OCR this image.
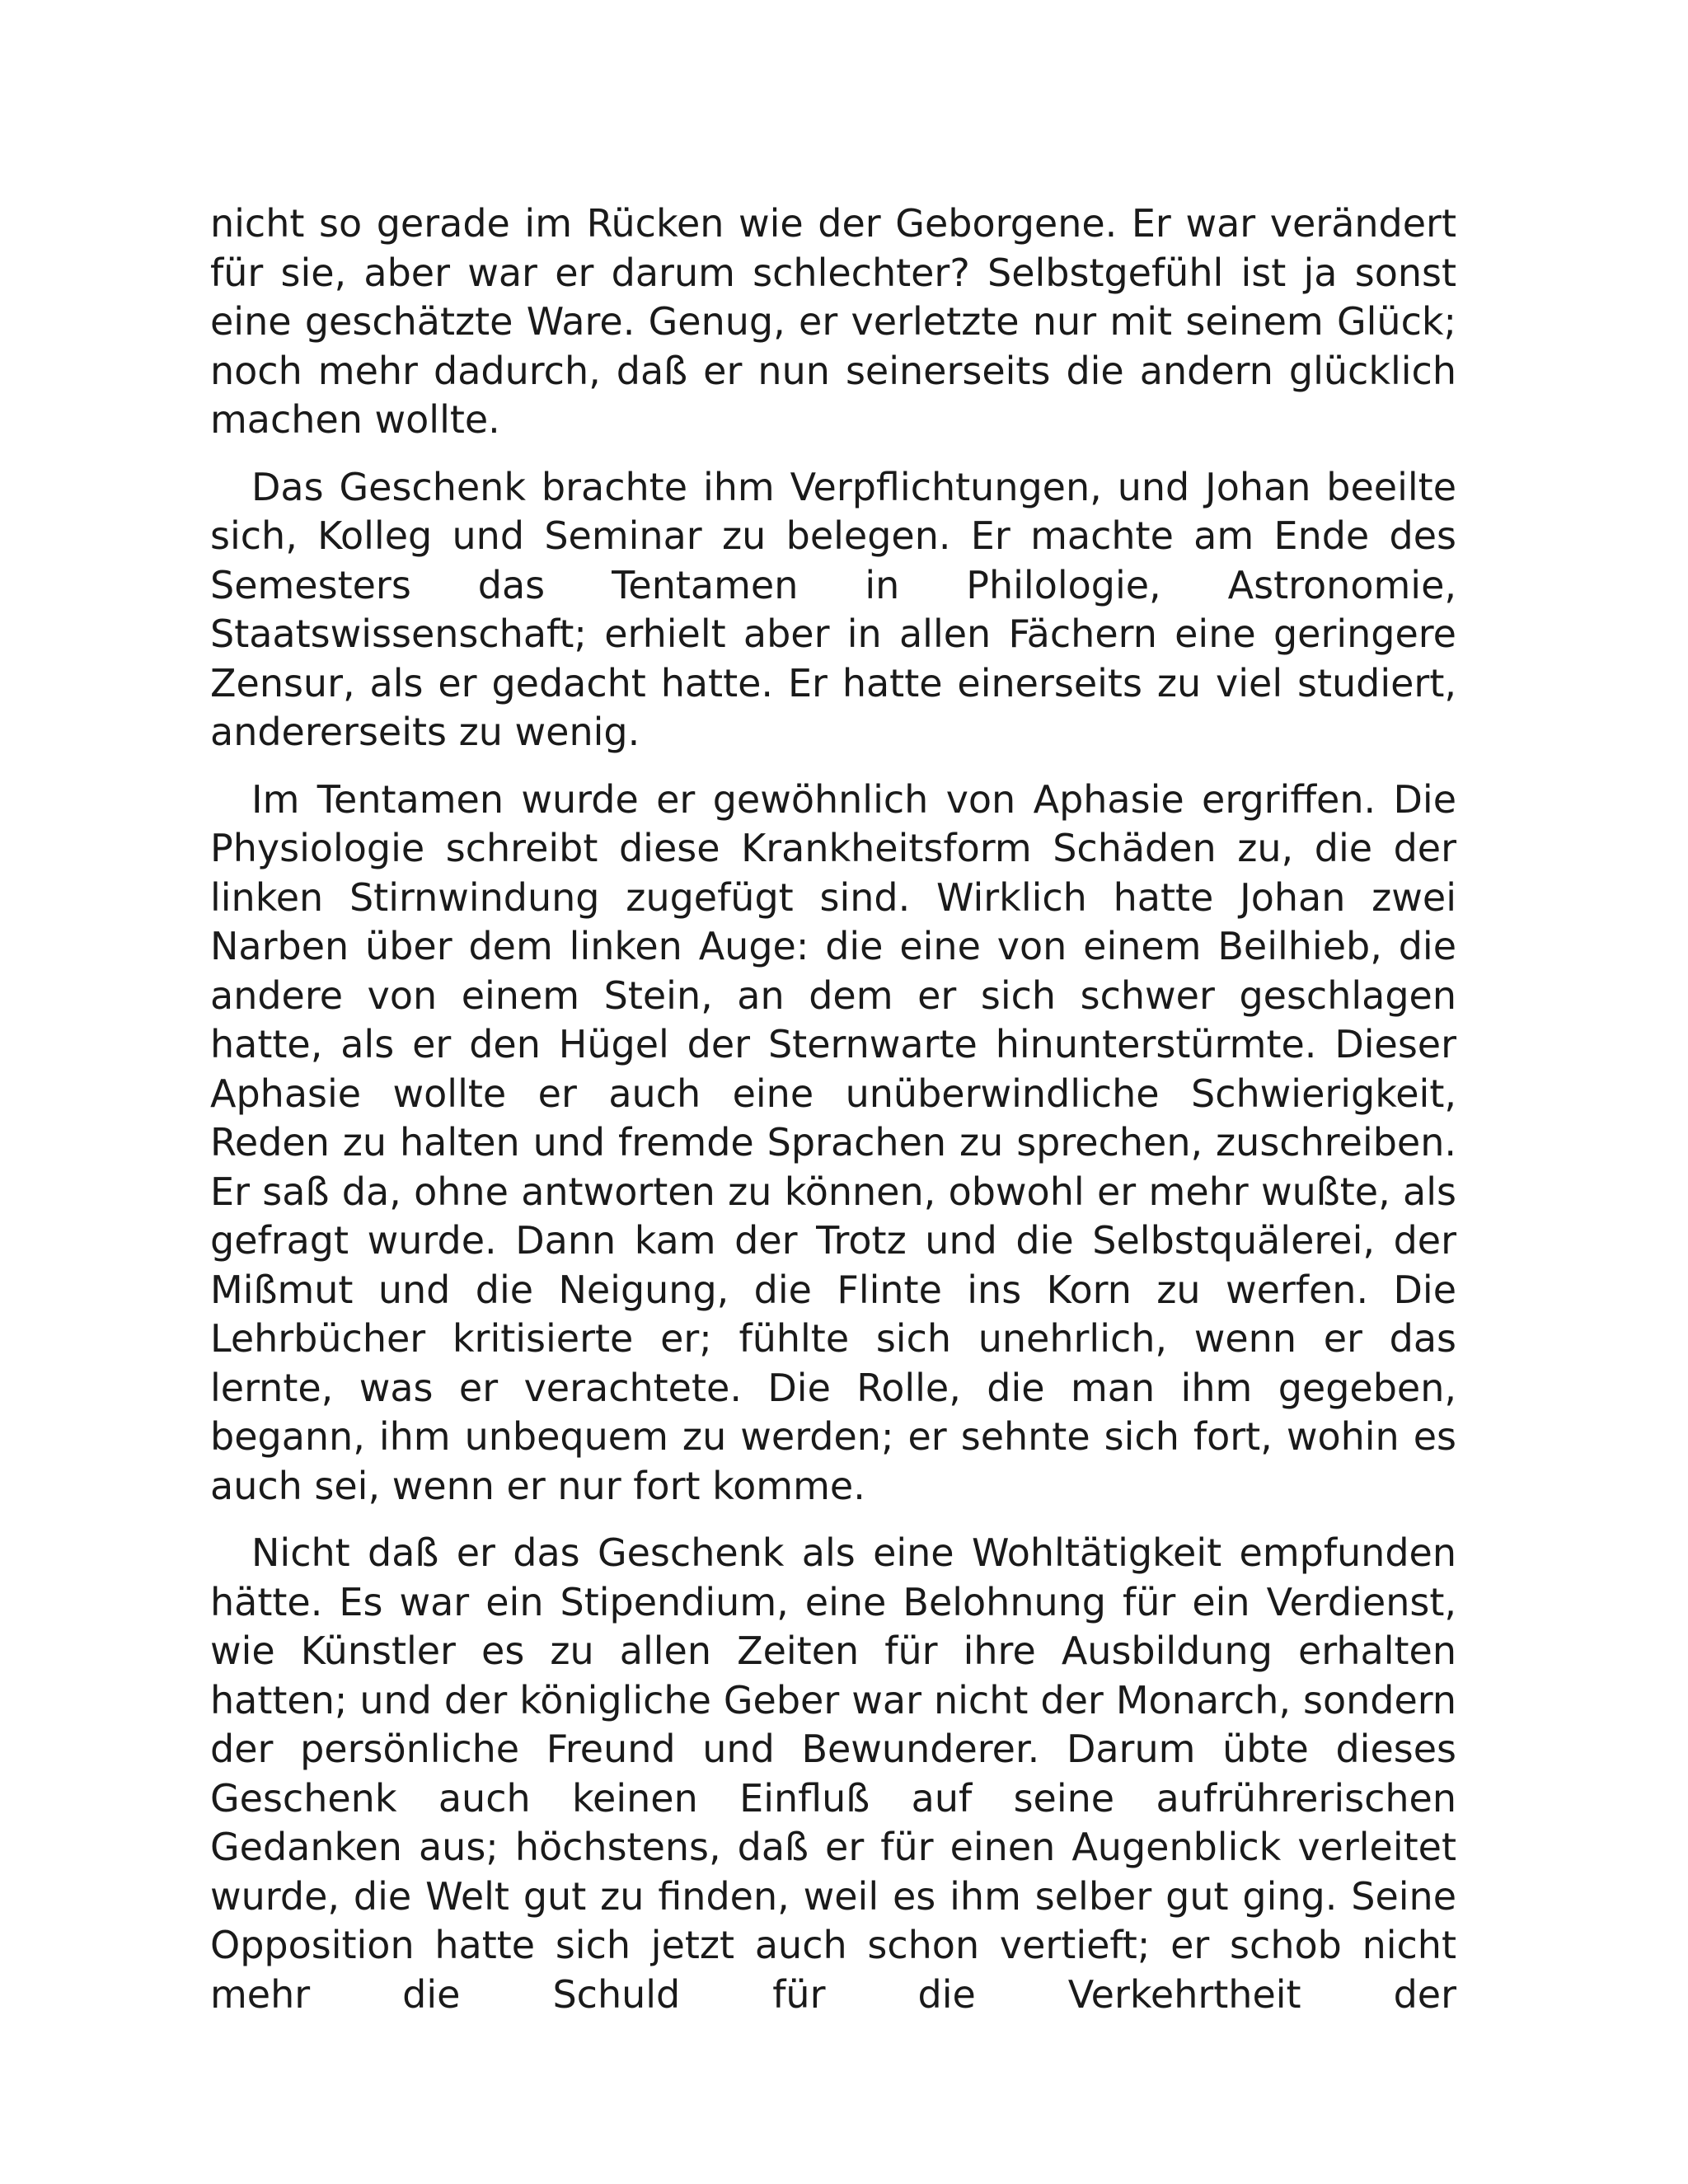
nicht so gerade im Rücken wie der Geborgene. Er war verändert für sie, aber war er darum schlechter? Selbstgefühl ist ja sonst eine geschätzte Ware. Genug, er verletzte nur mit seinem Glück; noch mehr dadurch, daß er nun seinerseits die andern glücklich machen wollte.

Das Geschenk brachte ihm Verpflichtungen, und Johan beeilte sich, Kolleg und Seminar zu belegen. Er machte am Ende des Semesters das Tentamen in Philologie, Astronomie, Staatswissenschaft; erhielt aber in allen Fächern eine geringere Zensur, als er gedacht hatte. Er hatte einerseits zu viel studiert, andererseits zu wenig.

Im Tentamen wurde er gewöhnlich von Aphasie ergriffen. Die Physiologie schreibt diese Krankheitsform Schäden zu, die der linken Stirnwindung zugefügt sind. Wirklich hatte Johan zwei Narben über dem linken Auge: die eine von einem Beilhieb, die andere von einem Stein, an dem er sich schwer geschlagen hatte, als er den Hügel der Sternwarte hinunterstürmte. Dieser Aphasie wollte er auch eine unüberwindliche Schwierigkeit, Reden zu halten und fremde Sprachen zu sprechen, zuschreiben. Er saß da, ohne antworten zu können, obwohl er mehr wußte, als gefragt wurde. Dann kam der Trotz und die Selbstquälerei, der Mißmut und die Neigung, die Flinte ins Korn zu werfen. Die Lehrbücher kritisierte er; fühlte sich unehrlich, wenn er das lernte, was er verachtete. Die Rolle, die man ihm gegeben, begann, ihm unbequem zu werden; er sehnte sich fort, wohin es auch sei, wenn er nur fort komme.

Nicht daß er das Geschenk als eine Wohltätigkeit empfunden hätte. Es war ein Stipendium, eine Belohnung für ein Verdienst, wie Künstler es zu allen Zeiten für ihre Ausbildung erhalten hatten; und der königliche Geber war nicht der Monarch, sondern der persönliche Freund und Bewunderer. Darum übte dieses Geschenk auch keinen Einfluß auf seine aufrührerischen Gedanken aus; höchstens, daß er für einen Augenblick verleitet wurde, die Welt gut zu finden, weil es ihm selber gut ging. Seine Opposition hatte sich jetzt auch schon vertieft; er schob nicht mehr die Schuld für die Verkehrtheit der
